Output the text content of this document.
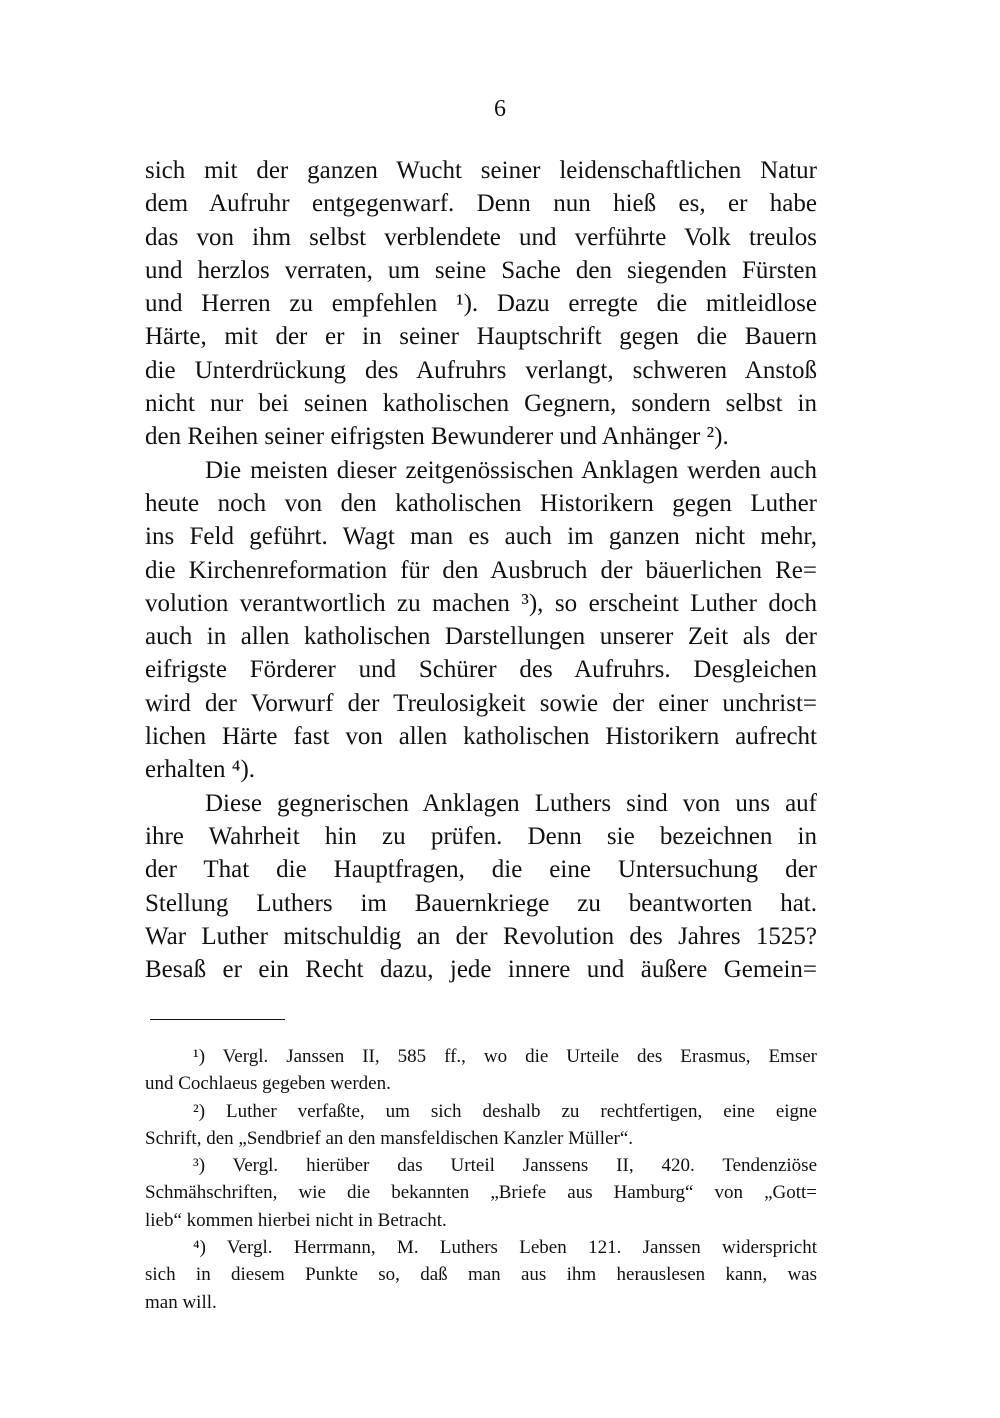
6
sich mit der ganzen Wucht seiner leidenschaftlichen Natur
dem Aufruhr entgegenwarf. Denn nun hieß es, er habe
das von ihm selbst verblendete und verführte Volk treulos
und herzlos verraten, um seine Sache den siegenden Fürsten
und Herren zu empfehlen ¹). Dazu erregte die mitleidlose
Härte, mit der er in seiner Hauptschrift gegen die Bauern
die Unterdrückung des Aufruhrs verlangt, schweren Anstoß
nicht nur bei seinen katholischen Gegnern, sondern selbst in
den Reihen seiner eifrigsten Bewunderer und Anhänger ²).
Die meisten dieser zeitgenössischen Anklagen werden auch
heute noch von den katholischen Historikern gegen Luther
ins Feld geführt. Wagt man es auch im ganzen nicht mehr,
die Kirchenreformation für den Ausbruch der bäuerlichen Re=
volution verantwortlich zu machen ³), so erscheint Luther doch
auch in allen katholischen Darstellungen unserer Zeit als der
eifrigste Förderer und Schürer des Aufruhrs. Desgleichen
wird der Vorwurf der Treulosigkeit sowie der einer unchrist=
lichen Härte fast von allen katholischen Historikern aufrecht
erhalten ⁴).
Diese gegnerischen Anklagen Luthers sind von uns auf
ihre Wahrheit hin zu prüfen. Denn sie bezeichnen in
der That die Hauptfragen, die eine Untersuchung der
Stellung Luthers im Bauernkriege zu beantworten hat.
War Luther mitschuldig an der Revolution des Jahres 1525?
Besaß er ein Recht dazu, jede innere und äußere Gemein=
¹) Vergl. Janssen II, 585 ff., wo die Urteile des Erasmus, Emser
und Cochlaeus gegeben werden.
²) Luther verfaßte, um sich deshalb zu rechtfertigen, eine eigne
Schrift, den „Sendbrief an den mansfeldischen Kanzler Müller“.
³) Vergl. hierüber das Urteil Janssens II, 420. Tendenziöse
Schmähschriften, wie die bekannten „Briefe aus Hamburg“ von „Gott=
lieb“ kommen hierbei nicht in Betracht.
⁴) Vergl. Herrmann, M. Luthers Leben 121. Janssen widerspricht
sich in diesem Punkte so, daß man aus ihm herauslesen kann, was
man will.
